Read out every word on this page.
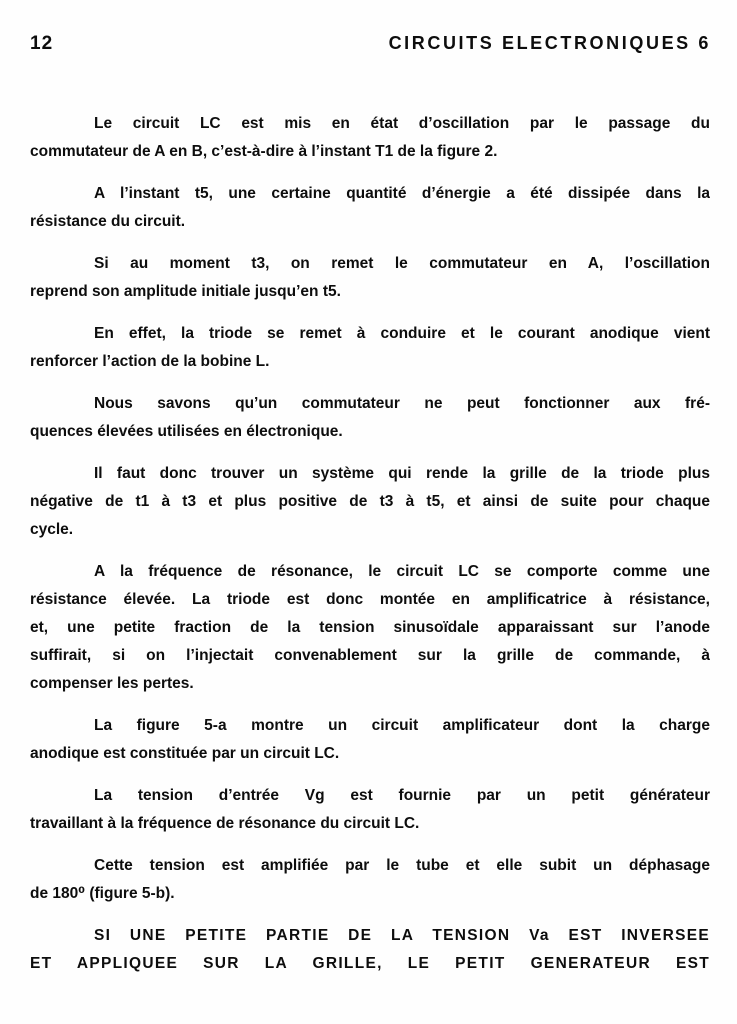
12	CIRCUITS ELECTRONIQUES 6
Le circuit LC est mis en état d’oscillation par le passage du
commutateur de A en B, c’est-à-dire à l’instant T1 de la figure 2.
A l’instant t5, une certaine quantité d’énergie a été dissipée dans la
résistance du circuit.
Si au moment t3, on remet le commutateur en A, l’oscillation
reprend son amplitude initiale jusqu’en t5.
En effet, la triode se remet à conduire et le courant anodique vient
renforcer l’action de la bobine L.
Nous savons qu’un commutateur ne peut fonctionner aux fré-
quences élevées utilisées en électronique.
Il faut donc trouver un système qui rende la grille de la triode plus
négative de t1 à t3 et plus positive de t3 à t5, et ainsi de suite pour chaque
cycle.
A la fréquence de résonance, le circuit LC se comporte comme une
résistance élevée. La triode est donc montée en amplificatrice à résistance,
et, une petite fraction de la tension sinusoïdale apparaissant sur l’anode
suffirait, si on l’injectait convenablement sur la grille de commande, à
compenser les pertes.
La figure 5-a montre un circuit amplificateur dont la charge
anodique est constituée par un circuit LC.
La tension d’entrée Vg est fournie par un petit générateur
travaillant à la fréquence de résonance du circuit LC.
Cette tension est amplifiée par le tube et elle subit un déphasage
de 180⁰ (figure 5-b).
SI UNE PETITE PARTIE DE LA TENSION Va EST INVERSEE
ET APPLIQUEE SUR LA GRILLE, LE PETIT GENERATEUR EST
